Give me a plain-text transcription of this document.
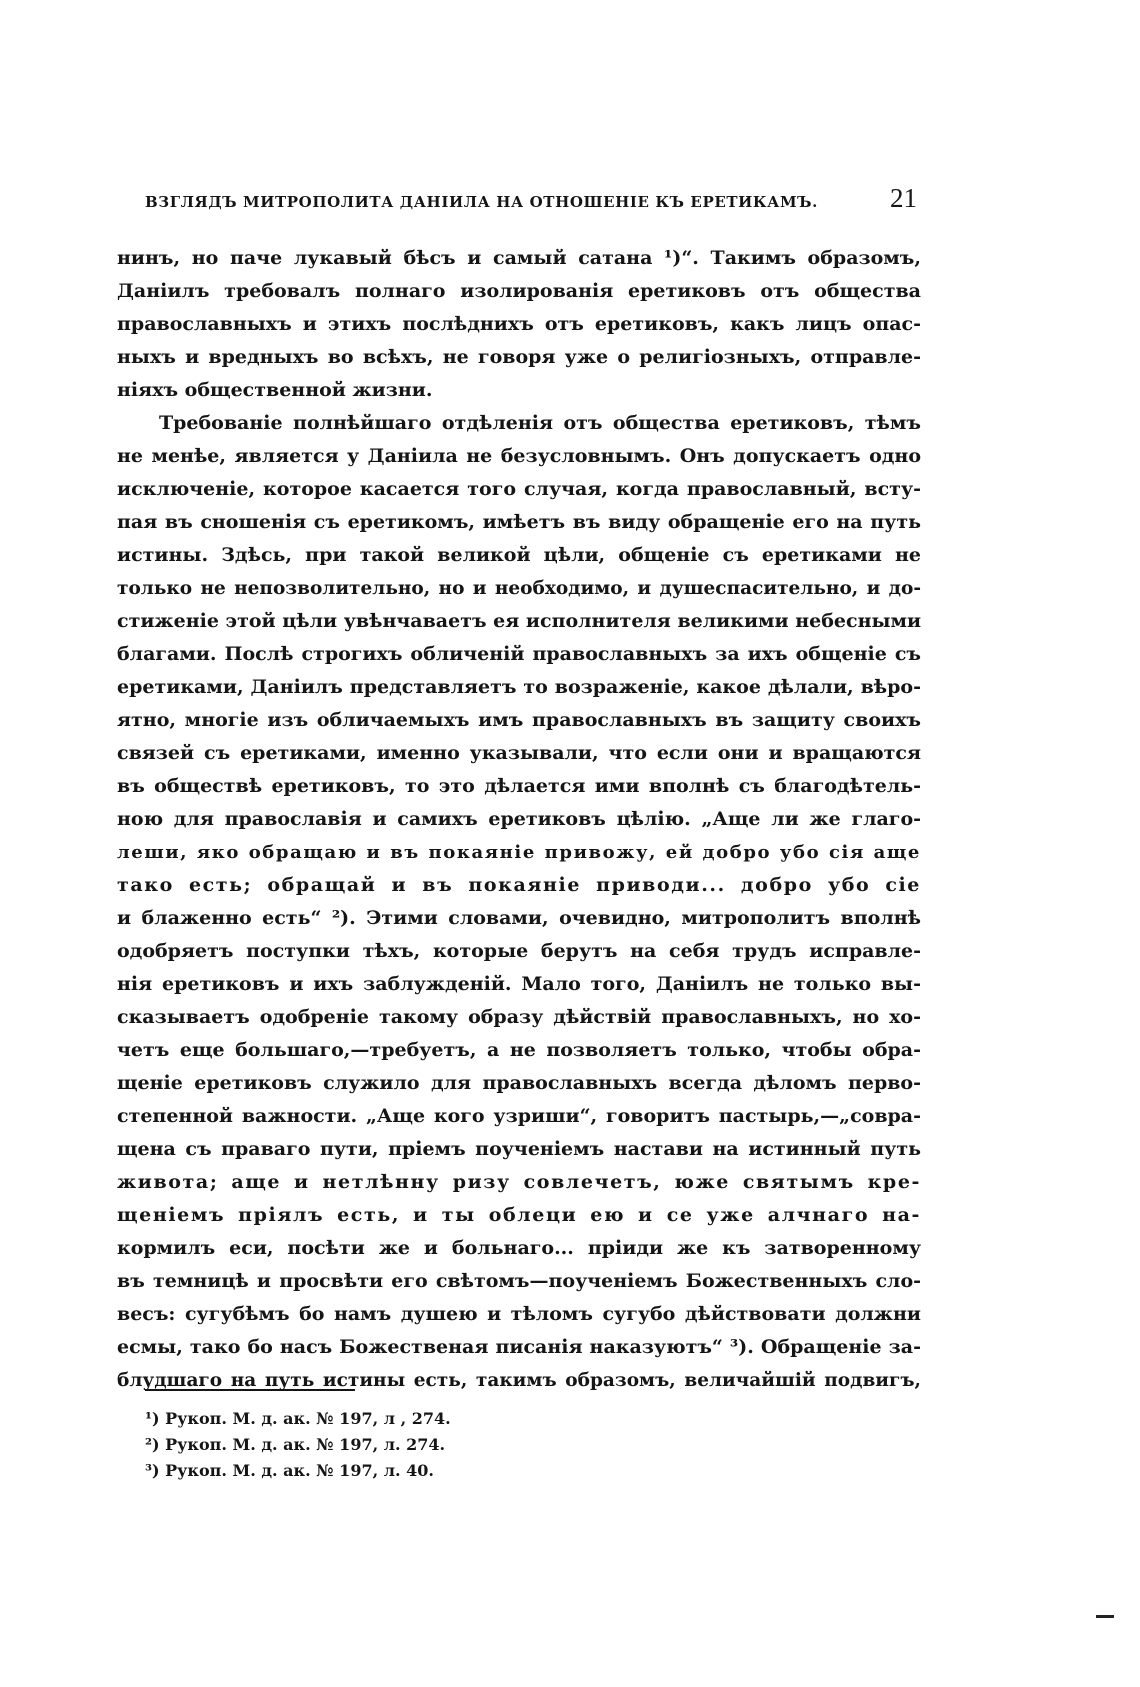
ВЗГЛЯДЪ МИТРОПОЛИТА ДАНІИЛА НА ОТНОШЕНІЕ КЪ ЕРЕТИКАМЪ.	21
нинъ, но паче лукавый бѣсъ и самый сатана ¹)“. Такимъ образомъ,
Даніилъ требовалъ полнаго изолированія еретиковъ отъ общества
православныхъ и этихъ послѣднихъ отъ еретиковъ, какъ лицъ опас-
ныхъ и вредныхъ во всѣхъ, не говоря уже о религіозныхъ, отправле-
ніяхъ общественной жизни.
Требованіе полнѣйшаго отдѣленія отъ общества еретиковъ, тѣмъ
не менѣе, является у Даніила не безусловнымъ. Онъ допускаетъ одно
исключеніе, которое касается того случая, когда православный, всту-
пая въ сношенія съ еретикомъ, имѣетъ въ виду обращеніе его на путь
истины. Здѣсь, при такой великой цѣли, общеніе съ еретиками не
только не непозволительно, но и необходимо, и душеспасительно, и до-
стиженіе этой цѣли увѣнчаваетъ ея исполнителя великими небесными
благами. Послѣ строгихъ обличеній православныхъ за ихъ общеніе съ
еретиками, Даніилъ представляетъ то возраженіе, какое дѣлали, вѣро-
ятно, многіе изъ обличаемыхъ имъ православныхъ въ защиту своихъ
связей съ еретиками, именно указывали, что если они и вращаются
въ обществѣ еретиковъ, то это дѣлается ими вполнѣ съ благодѣтель-
ною для православія и самихъ еретиковъ цѣлію. „Аще ли же глаго-
леши, яко обращаю и въ покаяніе привожу, ей добро убо сія аще
тако есть; обращай и въ покаяніе приводи... добро убо сіе
и блаженно есть“ ²). Этими словами, очевидно, митрополитъ вполнѣ
одобряетъ поступки тѣхъ, которые берутъ на себя трудъ исправле-
нія еретиковъ и ихъ заблужденій. Мало того, Даніилъ не только вы-
сказываетъ одобреніе такому образу дѣйствій православныхъ, но хо-
четъ еще большаго,—требуетъ, а не позволяетъ только, чтобы обра-
щеніе еретиковъ служило для православныхъ всегда дѣломъ перво-
степенной важности. „Аще кого узриши“, говоритъ пастырь,—„совра-
щена съ праваго пути, пріемъ поученіемъ настави на истинный путь
живота; аще и нетлѣнну ризу совлечетъ, юже святымъ кре-
щеніемъ пріялъ есть, и ты облеци ею и се уже алчнаго на-
кормилъ еси, посѣти же и больнаго... пріиди же къ затворенному
въ темницѣ и просвѣти его свѣтомъ—поученіемъ Божественныхъ сло-
весъ: сугубѣмъ бо намъ душею и тѣломъ сугубо дѣйствовати должни
есмы, тако бо насъ Божественая писанія наказуютъ“ ³). Обращеніе за-
блудшаго на путь истины есть, такимъ образомъ, величайшій подвигъ,
¹) Рукоп. М. д. ак. № 197, л , 274.
²) Рукоп. М. д. ак. № 197, л. 274.
³) Рукоп. М. д. ак. № 197, л. 40.
